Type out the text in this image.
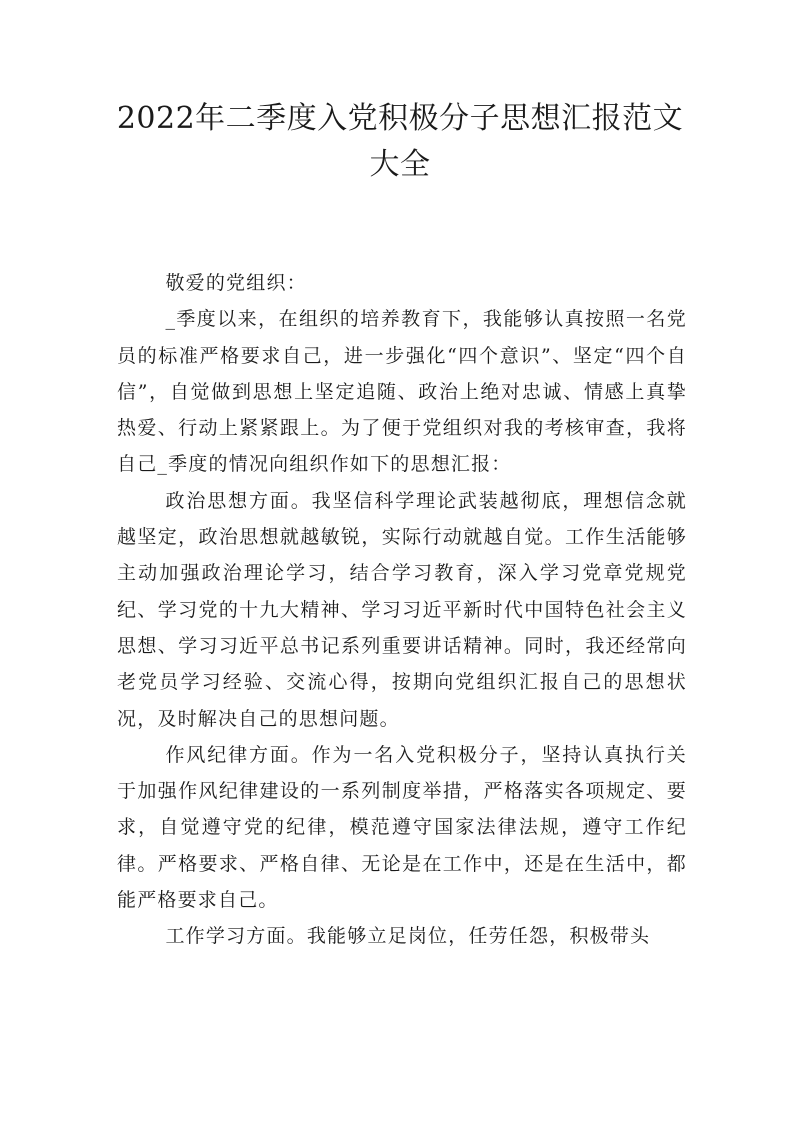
2022年二季度入党积极分子思想汇报范文
大全

敬爱的党组织：

_季度以来，在组织的培养教育下，我能够认真按照一名党员的标准严格要求自己，进一步强化“四个意识”、坚定“四个自信”，自觉做到思想上坚定追随、政治上绝对忠诚、情感上真挚热爱、行动上紧紧跟上。为了便于党组织对我的考核审查，我将自己_季度的情况向组织作如下的思想汇报：

政治思想方面。我坚信科学理论武装越彻底，理想信念就越坚定，政治思想就越敏锐，实际行动就越自觉。工作生活能够主动加强政治理论学习，结合学习教育，深入学习党章党规党纪、学习党的十九大精神、学习习近平新时代中国特色社会主义思想、学习习近平总书记系列重要讲话精神。同时，我还经常向老党员学习经验、交流心得，按期向党组织汇报自己的思想状况，及时解决自己的思想问题。

作风纪律方面。作为一名入党积极分子，坚持认真执行关于加强作风纪律建设的一系列制度举措，严格落实各项规定、要求，自觉遵守党的纪律，模范遵守国家法律法规，遵守工作纪律。严格要求、严格自律、无论是在工作中，还是在生活中，都能严格要求自己。

工作学习方面。我能够立足岗位，任劳任怨，积极带头
